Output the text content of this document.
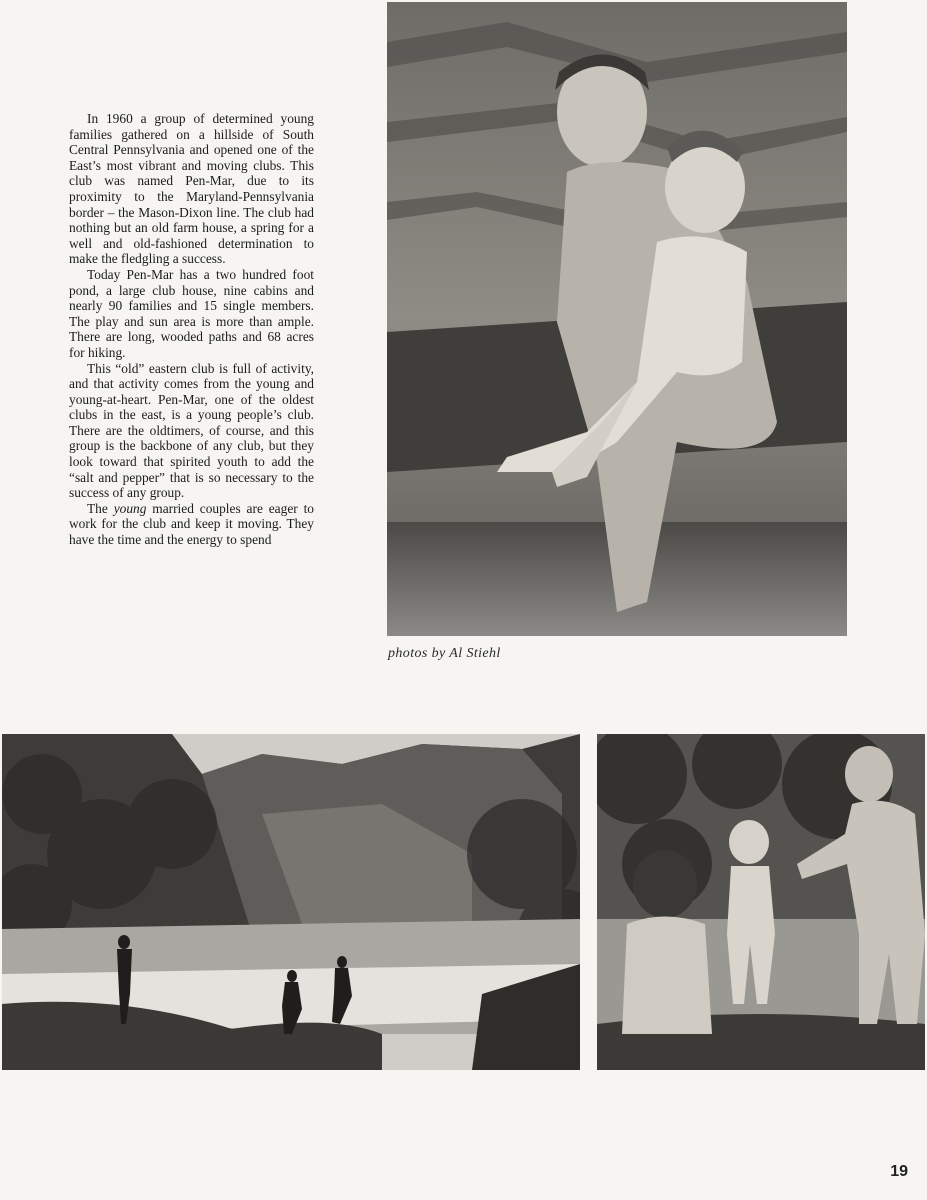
In 1960 a group of determined young families gathered on a hillside of South Central Pennsylvania and opened one of the East’s most vibrant and moving clubs. This club was named Pen-Mar, due to its proximity to the Maryland-Pennsylvania border – the Mason-Dixon line. The club had nothing but an old farm house, a spring for a well and old-fashioned determination to make the fledgling a success.

Today Pen-Mar has a two hundred foot pond, a large club house, nine cabins and nearly 90 families and 15 single members. The play and sun area is more than ample. There are long, wooded paths and 68 acres for hiking.

This “old” eastern club is full of activity, and that activity comes from the young and young-at-heart. Pen-Mar, one of the oldest clubs in the east, is a young people’s club. There are the oldtimers, of course, and this group is the backbone of any club, but they look toward that spirited youth to add the “salt and pepper” that is so necessary to the success of any group.

The young married couples are eager to work for the club and keep it moving. They have the time and the energy to spend

photos by Al Stiehl
19
